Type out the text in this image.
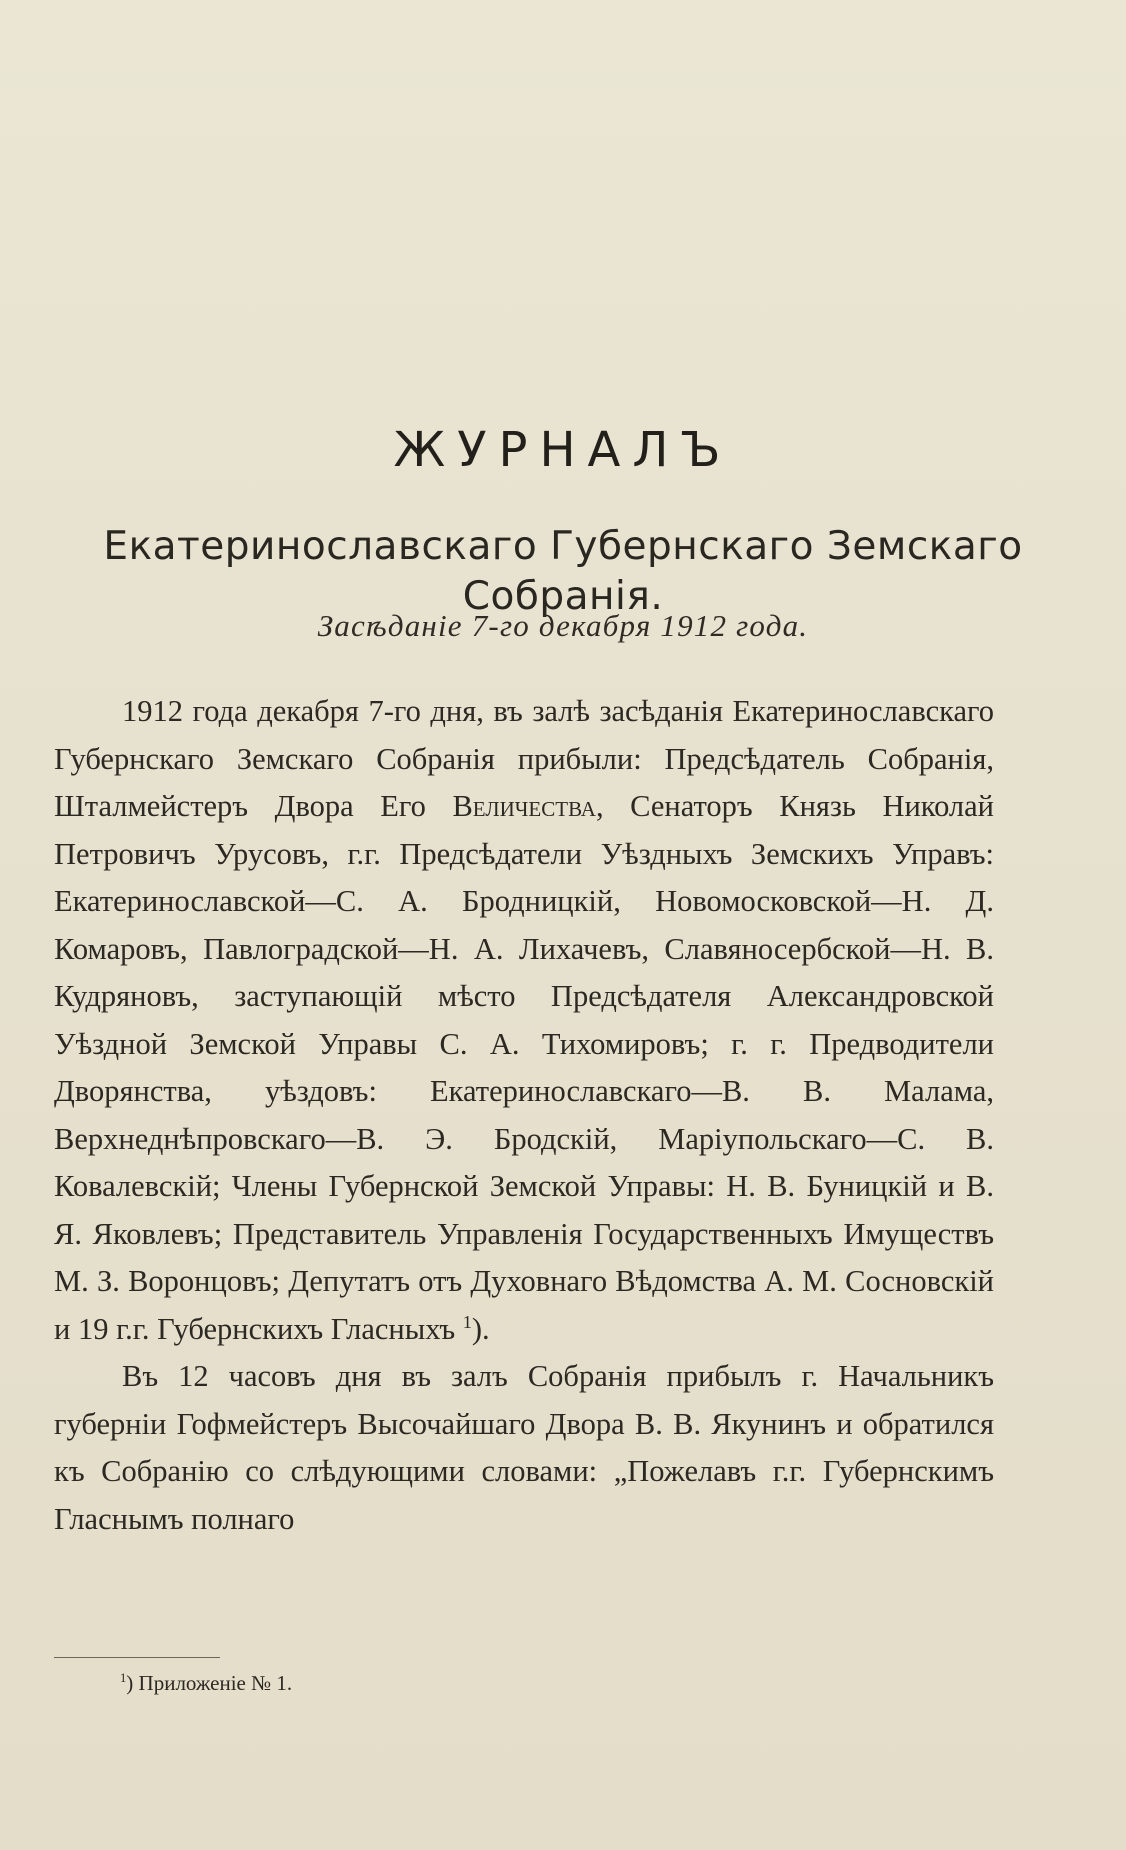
ЖУРНАЛЪ
Екатеринославскаго Губернскаго Земскаго Собранія.
Засѣданіе 7-го декабря 1912 года.

1912 года декабря 7-го дня, въ залѣ засѣданія Екатеринославскаго Губернскаго Земскаго Собранія прибыли: Предсѣдатель Собранія, Шталмейстеръ Двора Его Величества, Сенаторъ Князь Николай Петровичъ Урусовъ, г.г. Предсѣдатели Уѣздныхъ Земскихъ Управъ: Екатеринославской—С. А. Бродницкій, Новомосковской—Н. Д. Комаровъ, Павлоградской—Н. А. Лихачевъ, Славяносербской—Н. В. Кудряновъ, заступающій мѣсто Предсѣдателя Александровской Уѣздной Земской Управы С. А. Тихомировъ; г. г. Предводители Дворянства, уѣздовъ: Екатеринославскаго—В. В. Малама, Верхнеднѣпровскаго—В. Э. Бродскій, Маріупольскаго—С. В. Ковалевскій; Члены Губернской Земской Управы: Н. В. Буницкій и В. Я. Яковлевъ; Представитель Управленія Государственныхъ Имуществъ М. З. Воронцовъ; Депутатъ отъ Духовнаго Вѣдомства А. М. Сосновскій и 19 г.г. Губернскихъ Гласныхъ $^1$).

Въ 12 часовъ дня въ залъ Собранія прибылъ г. Начальникъ губерніи Гофмейстеръ Высочайшаго Двора В. В. Якунинъ и обратился къ Собранію со слѣдующими словами: „Пожелавъ г.г. Губернскимъ Гласнымъ полнаго

$^1$) Приложеніе № 1.
